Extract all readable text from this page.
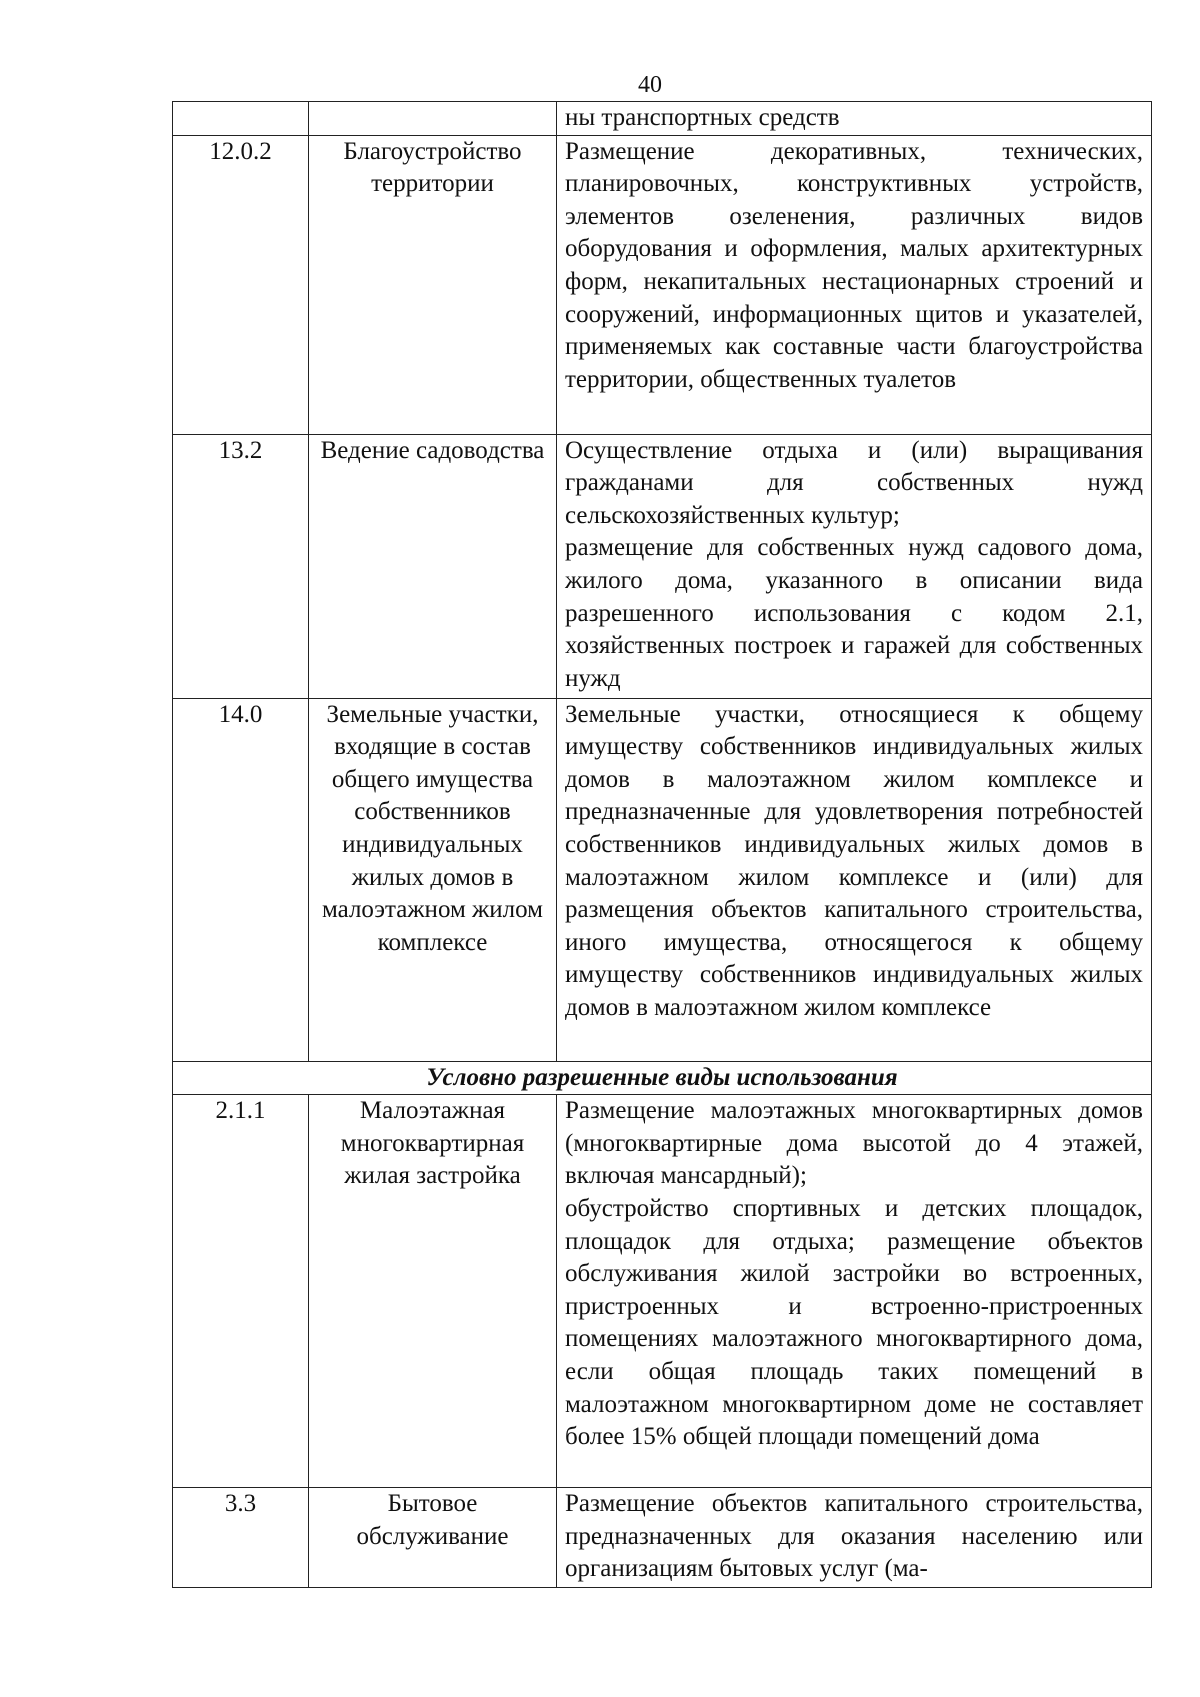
40

		ны транспортных средств

12.0.2	Благоустройство территории	Размещение декоративных, технических, планировочных, конструктивных устройств, элементов озеленения, различных видов оборудования и оформления, малых архитектурных форм, некапитальных нестационарных строений и сооружений, информационных щитов и указателей, применяемых как составные части благоустройства территории, общественных туалетов

13.2	Ведение садоводства	Осуществление отдыха и (или) выращивания гражданами для собственных нужд сельскохозяйственных культур;
размещение для собственных нужд садового дома, жилого дома, указанного в описании вида разрешенного использования с кодом 2.1, хозяйственных построек и гаражей для собственных нужд

14.0	Земельные участки, входящие в состав общего имущества собственников индивидуальных жилых домов в малоэтажном жилом комплексе	Земельные участки, относящиеся к общему имуществу собственников индивидуальных жилых домов в малоэтажном жилом комплексе и предназначенные для удовлетворения потребностей собственников индивидуальных жилых домов в малоэтажном жилом комплексе и (или) для размещения объектов капитального строительства, иного имущества, относящегося к общему имуществу собственников индивидуальных жилых домов в малоэтажном жилом комплексе

Условно разрешенные виды использования		
2.1.1	Малоэтажная многоквартирная жилая застройка	Размещение малоэтажных многоквартирных домов (многоквартирные дома высотой до 4 этажей, включая мансардный);
обустройство спортивных и детских площадок, площадок для отдыха; размещение объектов обслуживания жилой застройки во встроенных, пристроенных и встроенно-пристроенных помещениях малоэтажного многоквартирного дома, если общая площадь таких помещений в малоэтажном многоквартирном доме не составляет более 15% общей площади помещений дома

3.3	Бытовое обслуживание	Размещение объектов капитального строительства, предназначенных для оказания населению или организациям бытовых услуг (ма-
